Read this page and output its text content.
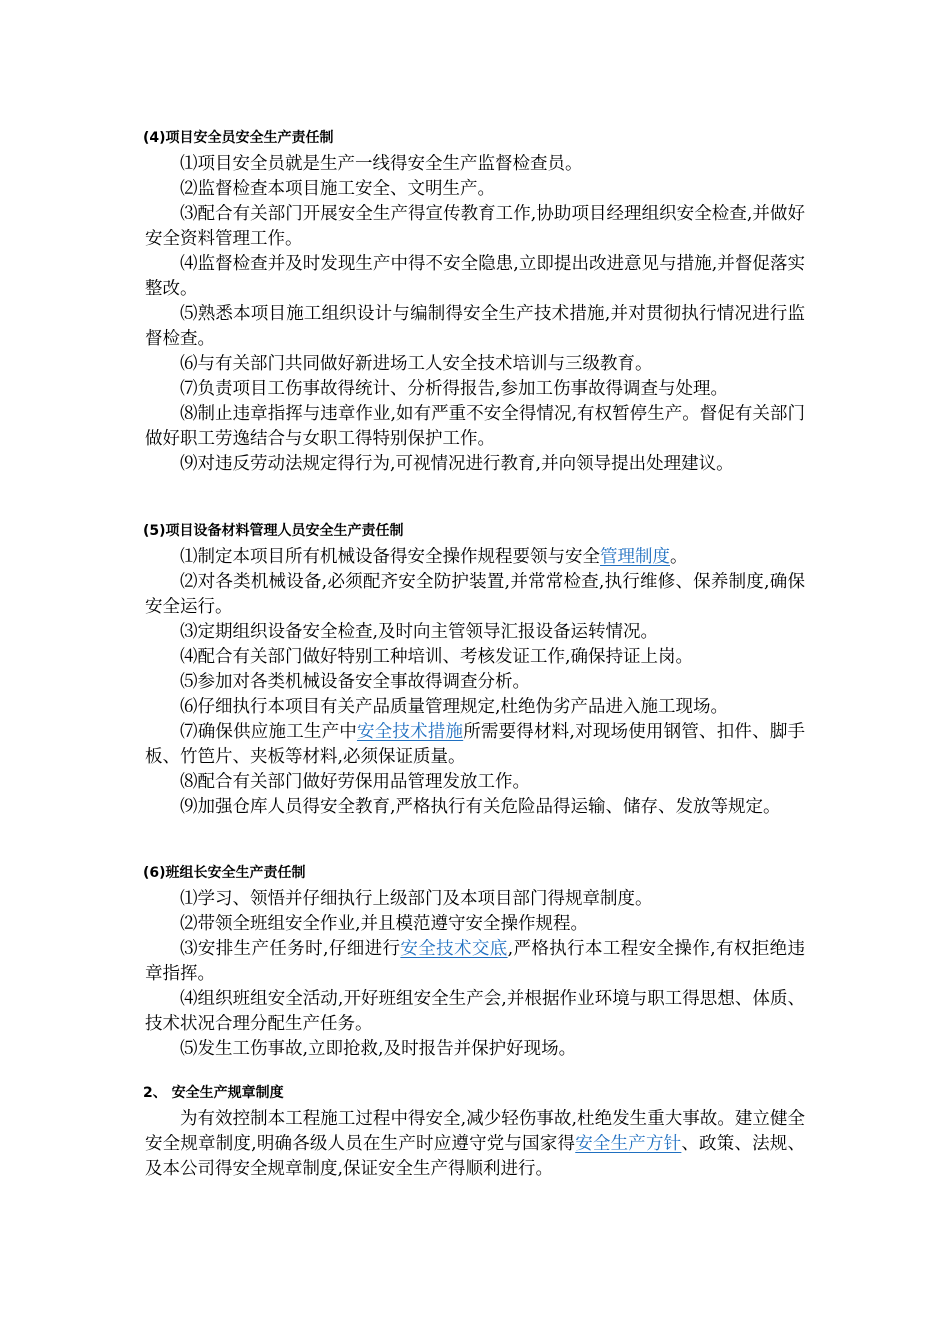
(4)项目安全员安全生产责任制
⑴项目安全员就是生产一线得安全生产监督检查员。
⑵监督检查本项目施工安全、文明生产。
⑶配合有关部门开展安全生产得宣传教育工作,协助项目经理组织安全检查,并做好安全资料管理工作。
⑷监督检查并及时发现生产中得不安全隐患,立即提出改进意见与措施,并督促落实整改。
⑸熟悉本项目施工组织设计与编制得安全生产技术措施,并对贯彻执行情况进行监督检查。
⑹与有关部门共同做好新进场工人安全技术培训与三级教育。
⑺负责项目工伤事故得统计、分析得报告,参加工伤事故得调查与处理。
⑻制止违章指挥与违章作业,如有严重不安全得情况,有权暂停生产。督促有关部门做好职工劳逸结合与女职工得特别保护工作。
⑼对违反劳动法规定得行为,可视情况进行教育,并向领导提出处理建议。
(5)项目设备材料管理人员安全生产责任制
⑴制定本项目所有机械设备得安全操作规程要领与安全管理制度。
⑵对各类机械设备,必须配齐安全防护装置,并常常检查,执行维修、保养制度,确保安全运行。
⑶定期组织设备安全检查,及时向主管领导汇报设备运转情况。
⑷配合有关部门做好特别工种培训、考核发证工作,确保持证上岗。
⑸参加对各类机械设备安全事故得调查分析。
⑹仔细执行本项目有关产品质量管理规定,杜绝伪劣产品进入施工现场。
⑺确保供应施工生产中安全技术措施所需要得材料,对现场使用钢管、扣件、脚手板、竹笆片、夹板等材料,必须保证质量。
⑻配合有关部门做好劳保用品管理发放工作。
⑼加强仓库人员得安全教育,严格执行有关危险品得运输、储存、发放等规定。
(6)班组长安全生产责任制
⑴学习、领悟并仔细执行上级部门及本项目部门得规章制度。
⑵带领全班组安全作业,并且模范遵守安全操作规程。
⑶安排生产任务时,仔细进行安全技术交底,严格执行本工程安全操作,有权拒绝违章指挥。
⑷组织班组安全活动,开好班组安全生产会,并根据作业环境与职工得思想、体质、技术状况合理分配生产任务。
⑸发生工伤事故,立即抢救,及时报告并保护好现场。
2、 安全生产规章制度
为有效控制本工程施工过程中得安全,减少轻伤事故,杜绝发生重大事故。建立健全安全规章制度,明确各级人员在生产时应遵守党与国家得安全生产方针、政策、法规、及本公司得安全规章制度,保证安全生产得顺利进行。
